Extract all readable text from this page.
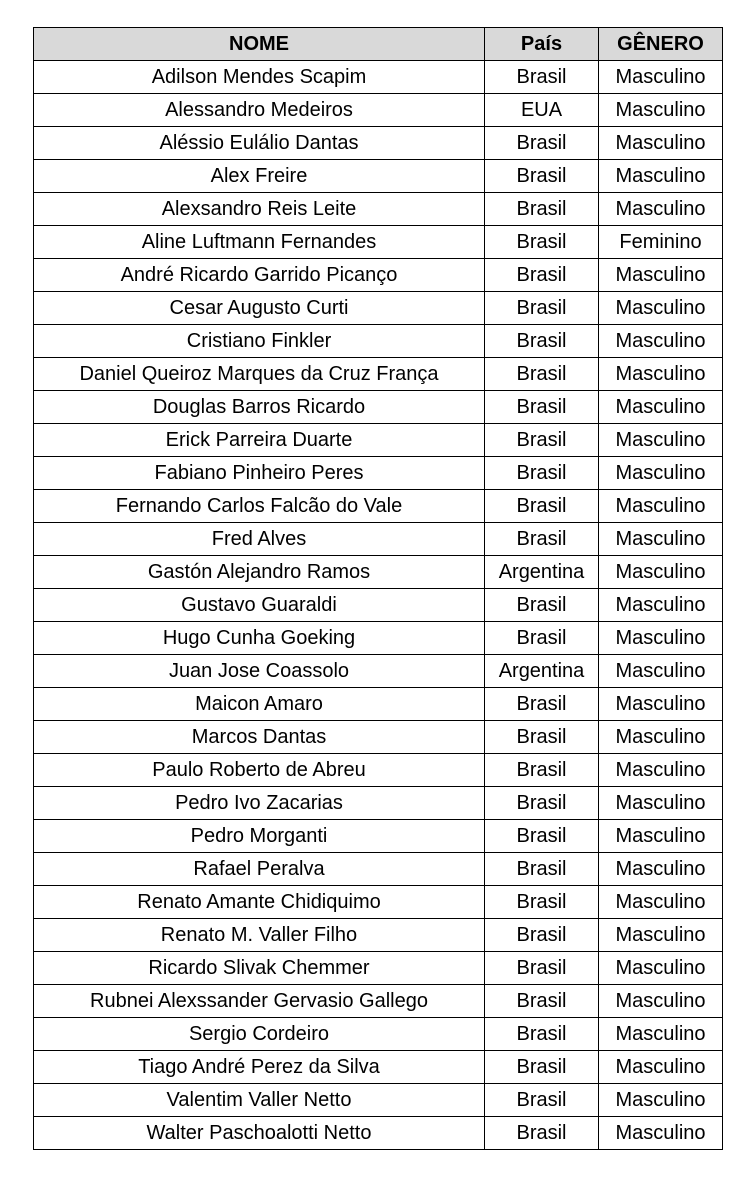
NOME	País	GÊNERO
Adilson Mendes Scapim	Brasil	Masculino
Alessandro Medeiros	EUA	Masculino
Aléssio Eulálio Dantas	Brasil	Masculino
Alex Freire	Brasil	Masculino
Alexsandro Reis Leite	Brasil	Masculino
Aline Luftmann Fernandes	Brasil	Feminino
André Ricardo Garrido Picanço	Brasil	Masculino
Cesar Augusto Curti	Brasil	Masculino
Cristiano Finkler	Brasil	Masculino
Daniel Queiroz Marques da Cruz França	Brasil	Masculino
Douglas Barros Ricardo	Brasil	Masculino
Erick Parreira Duarte	Brasil	Masculino
Fabiano Pinheiro Peres	Brasil	Masculino
Fernando Carlos Falcão do Vale	Brasil	Masculino
Fred Alves	Brasil	Masculino
Gastón Alejandro Ramos	Argentina	Masculino
Gustavo Guaraldi	Brasil	Masculino
Hugo Cunha Goeking	Brasil	Masculino
Juan Jose Coassolo	Argentina	Masculino
Maicon Amaro	Brasil	Masculino
Marcos Dantas	Brasil	Masculino
Paulo Roberto de Abreu	Brasil	Masculino
Pedro Ivo Zacarias	Brasil	Masculino
Pedro Morganti	Brasil	Masculino
Rafael Peralva	Brasil	Masculino
Renato Amante Chidiquimo	Brasil	Masculino
Renato M. Valler Filho	Brasil	Masculino
Ricardo Slivak Chemmer	Brasil	Masculino
Rubnei Alexssander Gervasio Gallego	Brasil	Masculino
Sergio Cordeiro	Brasil	Masculino
Tiago André Perez da Silva	Brasil	Masculino
Valentim Valler Netto	Brasil	Masculino
Walter Paschoalotti Netto	Brasil	Masculino
